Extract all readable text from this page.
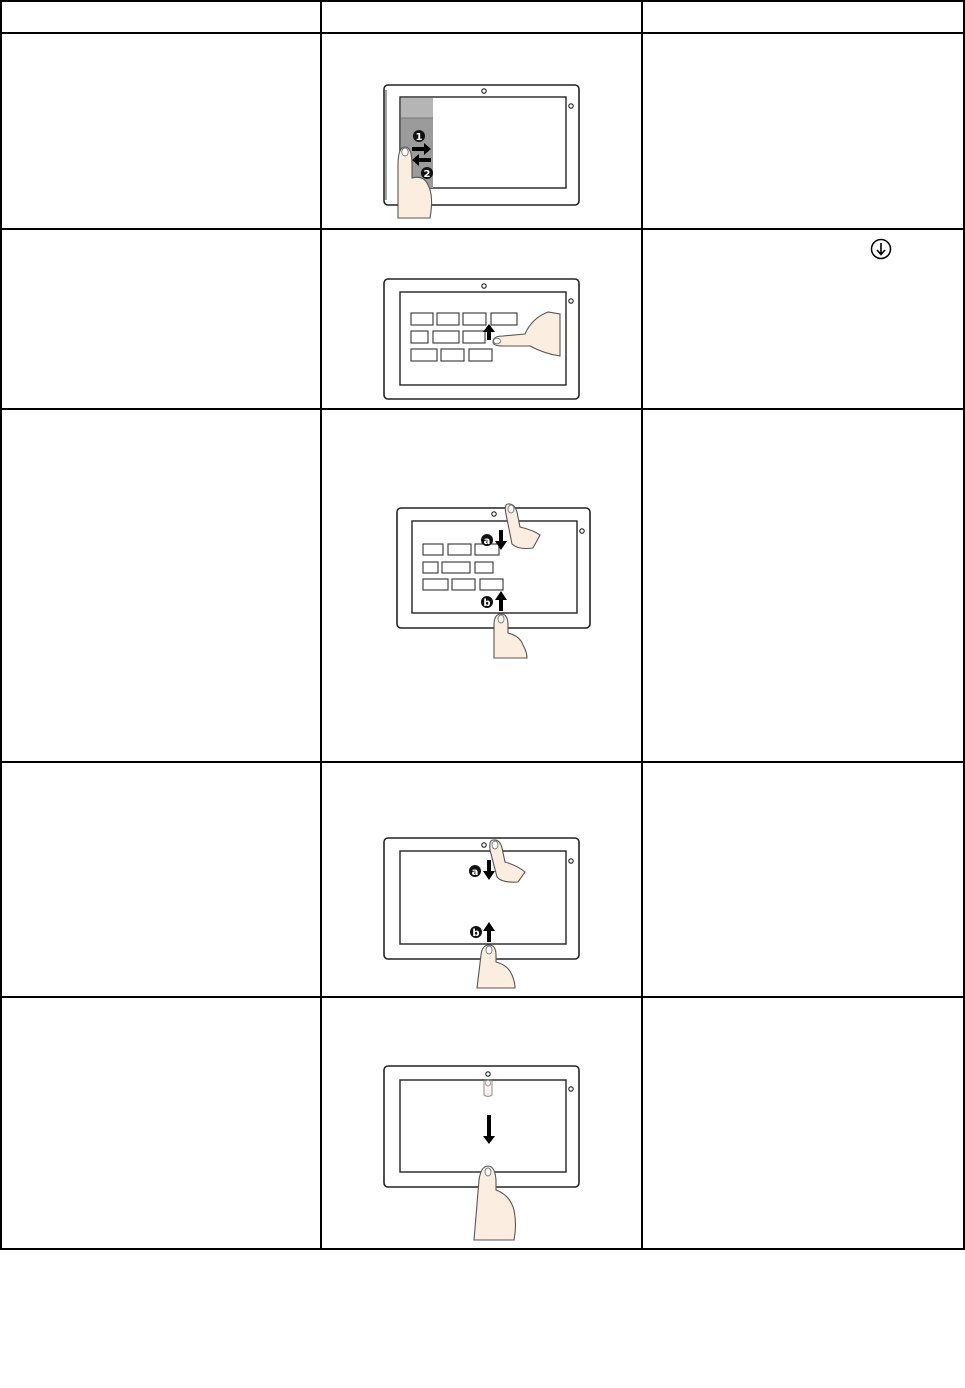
1
2
a
b
a
b
